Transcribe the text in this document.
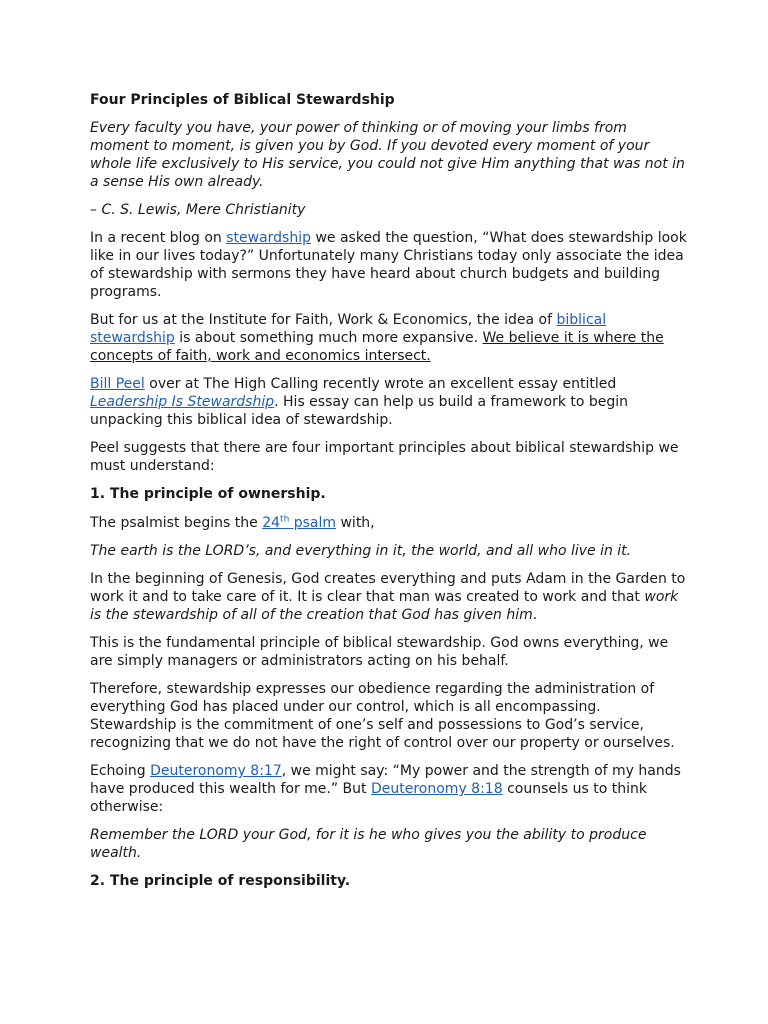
Four Principles of Biblical Stewardship

Every faculty you have, your power of thinking or of moving your limbs from moment to moment, is given you by God. If you devoted every moment of your whole life exclusively to His service, you could not give Him anything that was not in a sense His own already.

– C. S. Lewis, Mere Christianity

In a recent blog on stewardship we asked the question, “What does stewardship look like in our lives today?” Unfortunately many Christians today only associate the idea of stewardship with sermons they have heard about church budgets and building programs.

But for us at the Institute for Faith, Work & Economics, the idea of biblical stewardship is about something much more expansive. We believe it is where the concepts of faith, work and economics intersect.

Bill Peel over at The High Calling recently wrote an excellent essay entitled Leadership Is Stewardship. His essay can help us build a framework to begin unpacking this biblical idea of stewardship.

Peel suggests that there are four important principles about biblical stewardship we must understand:

1. The principle of ownership.

The psalmist begins the 24th psalm with,

The earth is the LORD’s, and everything in it, the world, and all who live in it.

In the beginning of Genesis, God creates everything and puts Adam in the Garden to work it and to take care of it. It is clear that man was created to work and that work is the stewardship of all of the creation that God has given him.

This is the fundamental principle of biblical stewardship. God owns everything, we are simply managers or administrators acting on his behalf.

Therefore, stewardship expresses our obedience regarding the administration of everything God has placed under our control, which is all encompassing. Stewardship is the commitment of one’s self and possessions to God’s service, recognizing that we do not have the right of control over our property or ourselves.

Echoing Deuteronomy 8:17, we might say: “My power and the strength of my hands have produced this wealth for me.” But Deuteronomy 8:18 counsels us to think otherwise:

Remember the LORD your God, for it is he who gives you the ability to produce wealth.

2. The principle of responsibility.
